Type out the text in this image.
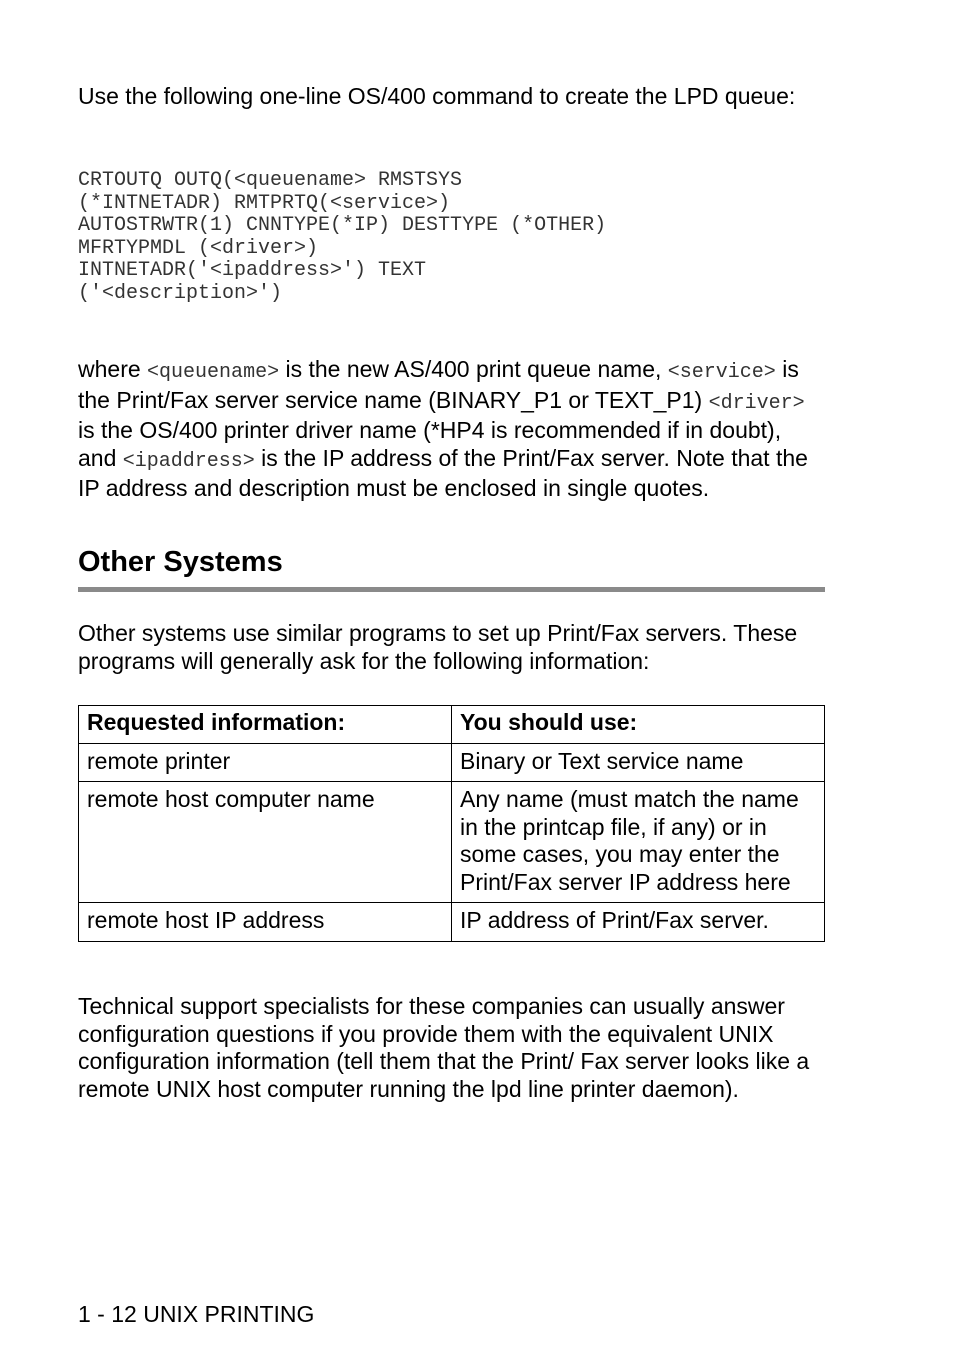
Use the following one-line OS/400 command to create the LPD queue:

CRTOUTQ OUTQ(<queuename> RMSTSYS
(*INTNETADR) RMTPRTQ(<service>)
AUTOSTRWTR(1) CNNTYPE(*IP) DESTTYPE (*OTHER)
MFRTYPMDL (<driver>)
INTNETADR('<ipaddress>') TEXT
('<description>')

where <queuename> is the new AS/400 print queue name, <service> is the Print/Fax server service name (BINARY_P1 or TEXT_P1) <driver> is the OS/400 printer driver name (*HP4 is recommended if in doubt), and <ipaddress> is the IP address of the Print/Fax server. Note that the IP address and description must be enclosed in single quotes.

Other Systems

Other systems use similar programs to set up Print/Fax servers. These programs will generally ask for the following information:

Requested information:	You should use:
remote printer	Binary or Text service name
remote host computer name	Any name (must match the name in the printcap file, if any) or in some cases, you may enter the Print/Fax server IP address here
remote host IP address	IP address of Print/Fax server.

Technical support specialists for these companies can usually answer configuration questions if you provide them with the equivalent UNIX configuration information (tell them that the Print/ Fax server looks like a remote UNIX host computer running the lpd line printer daemon).

1 - 12 UNIX PRINTING
